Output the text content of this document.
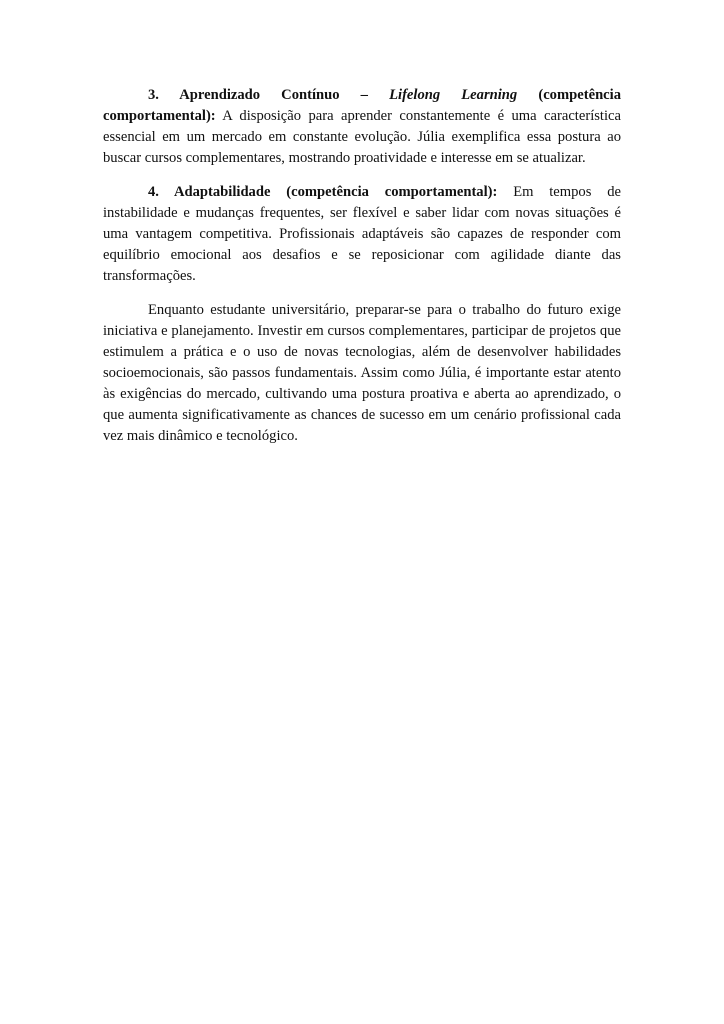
3. Aprendizado Contínuo – Lifelong Learning (competência comportamental): A disposição para aprender constantemente é uma característica essencial em um mercado em constante evolução. Júlia exemplifica essa postura ao buscar cursos complementares, mostrando proatividade e interesse em se atualizar.

4. Adaptabilidade (competência comportamental): Em tempos de instabilidade e mudanças frequentes, ser flexível e saber lidar com novas situações é uma vantagem competitiva. Profissionais adaptáveis são capazes de responder com equilíbrio emocional aos desafios e se reposicionar com agilidade diante das transformações.

Enquanto estudante universitário, preparar-se para o trabalho do futuro exige iniciativa e planejamento. Investir em cursos complementares, participar de projetos que estimulem a prática e o uso de novas tecnologias, além de desenvolver habilidades socioemocionais, são passos fundamentais. Assim como Júlia, é importante estar atento às exigências do mercado, cultivando uma postura proativa e aberta ao aprendizado, o que aumenta significativamente as chances de sucesso em um cenário profissional cada vez mais dinâmico e tecnológico.
